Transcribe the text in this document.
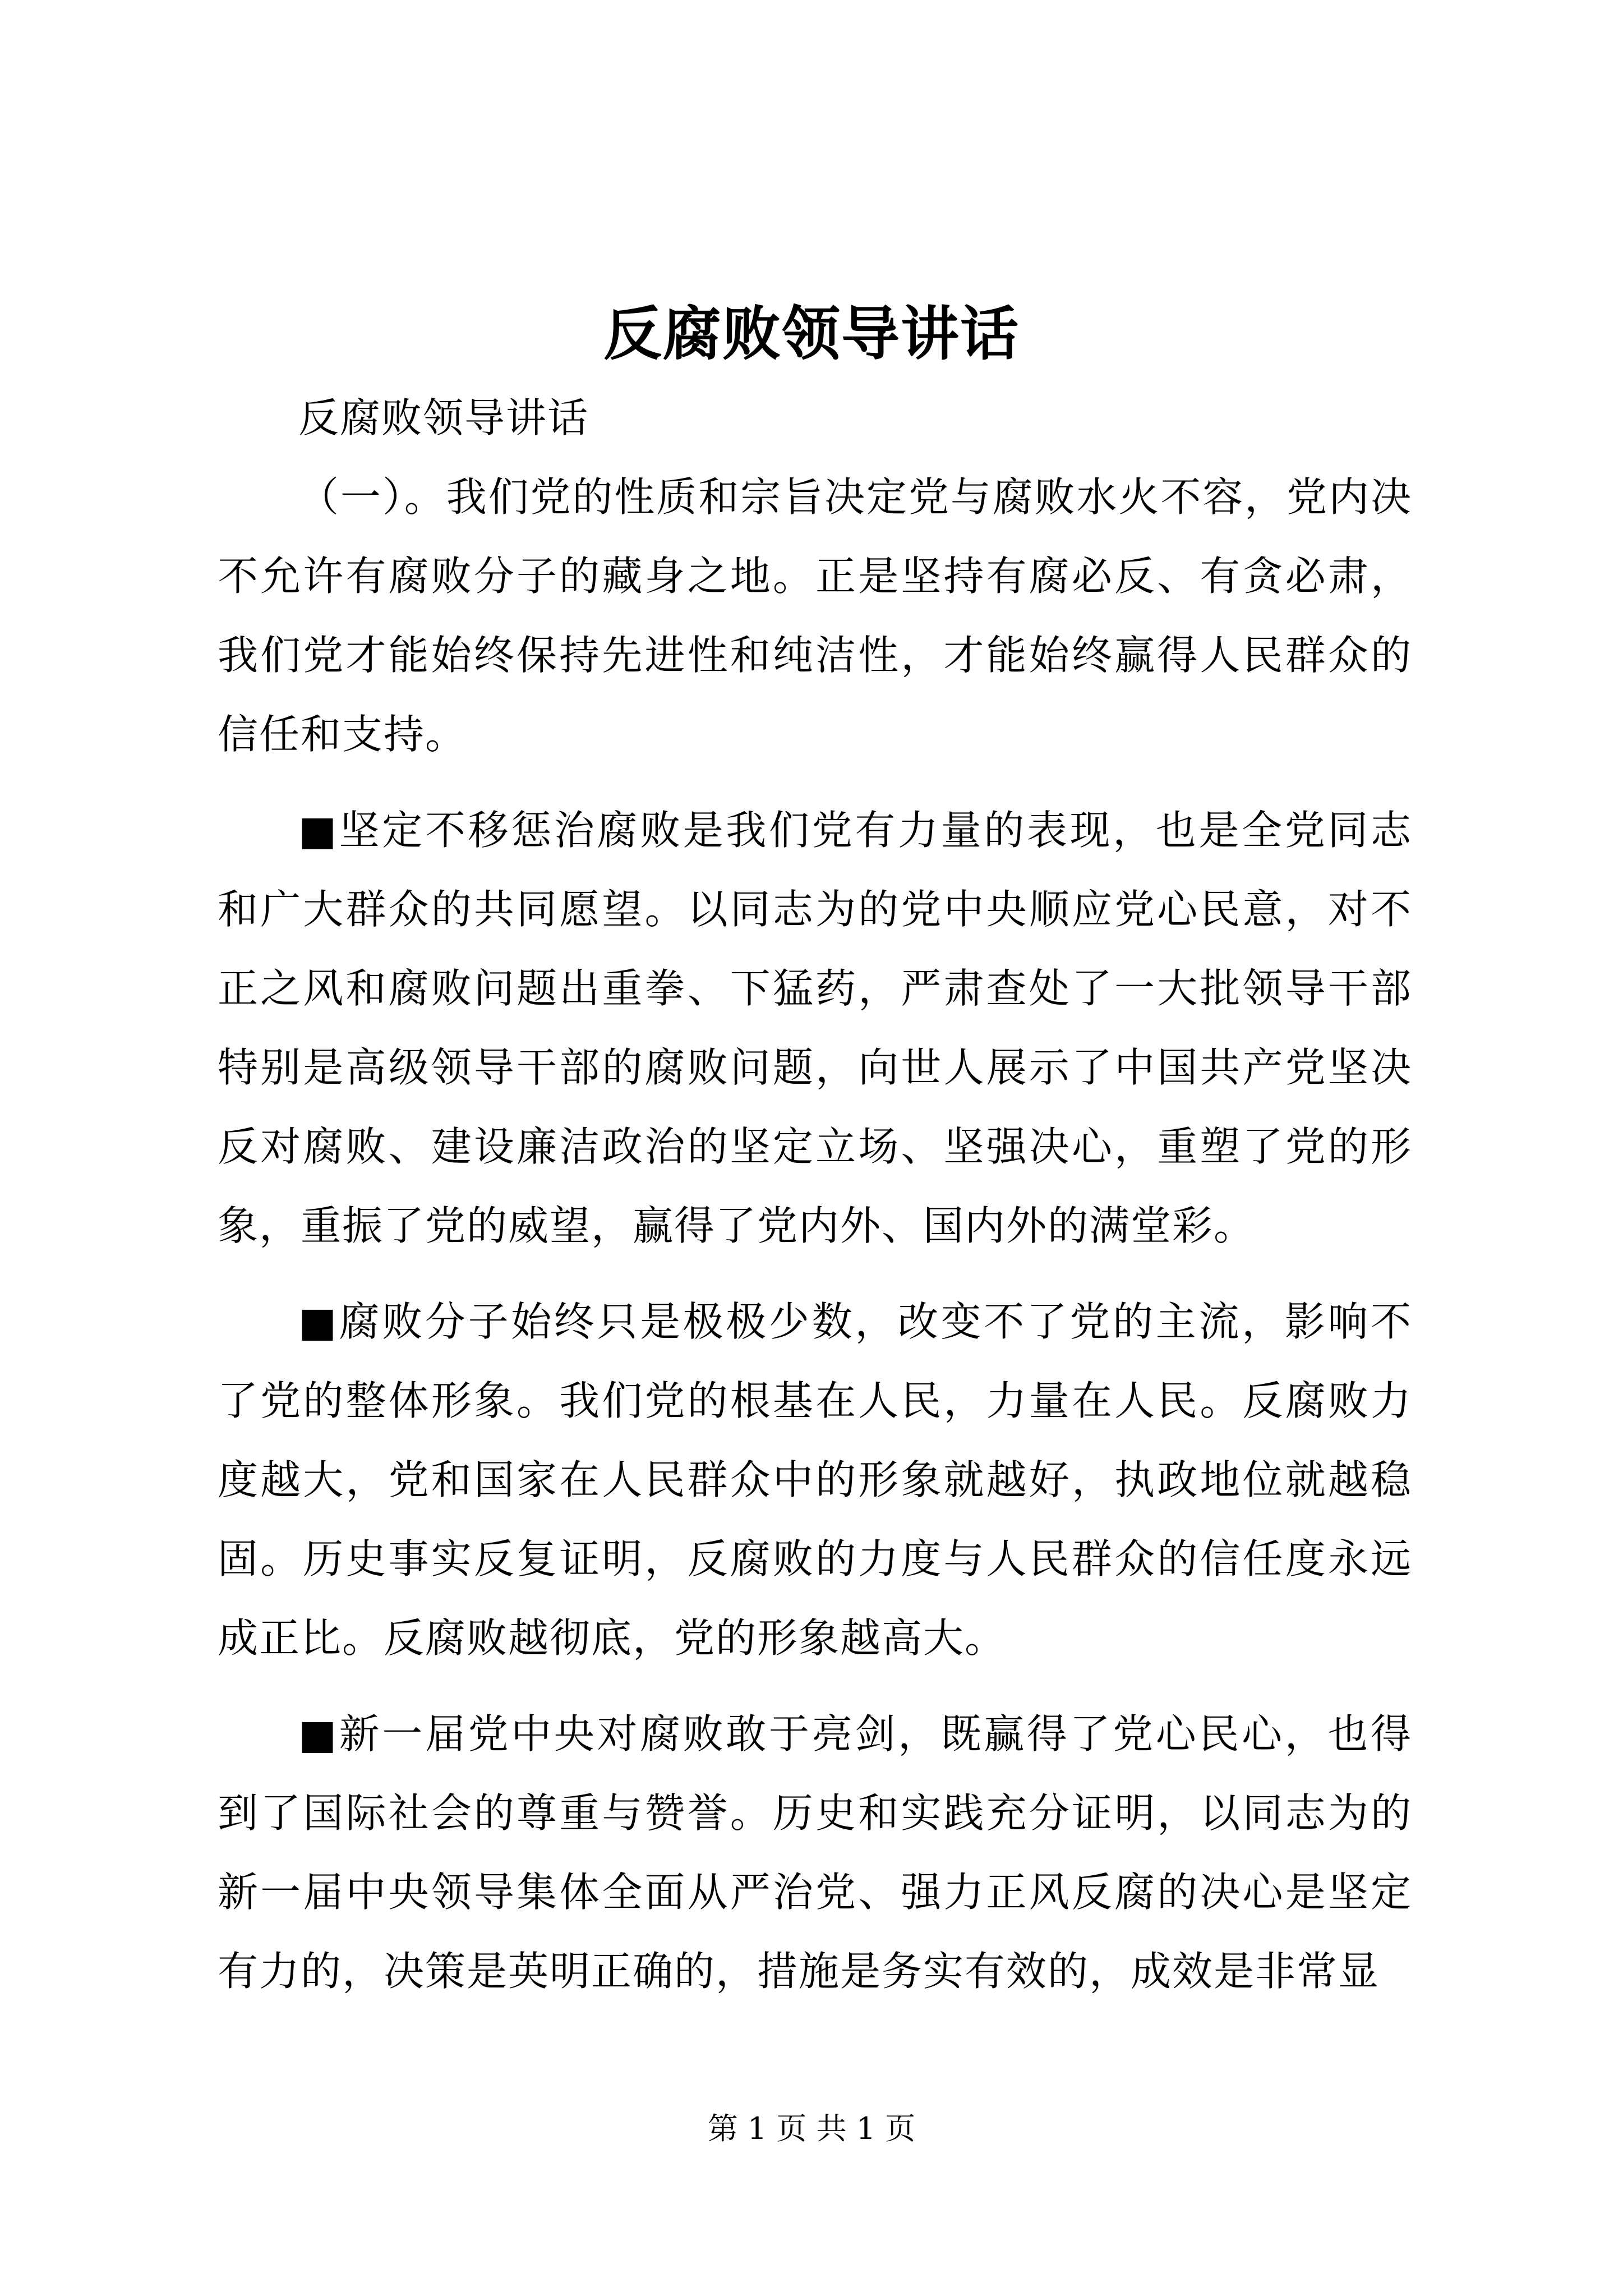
反腐败领导讲话

反腐败领导讲话

（一）。我们党的性质和宗旨决定党与腐败水火不容，党内决不允许有腐败分子的藏身之地。正是坚持有腐必反、有贪必肃，我们党才能始终保持先进性和纯洁性，才能始终赢得人民群众的信任和支持。

■坚定不移惩治腐败是我们党有力量的表现，也是全党同志和广大群众的共同愿望。以同志为的党中央顺应党心民意，对不正之风和腐败问题出重拳、下猛药，严肃查处了一大批领导干部特别是高级领导干部的腐败问题，向世人展示了中国共产党坚决反对腐败、建设廉洁政治的坚定立场、坚强决心，重塑了党的形象，重振了党的威望，赢得了党内外、国内外的满堂彩。

■腐败分子始终只是极极少数，改变不了党的主流，影响不了党的整体形象。我们党的根基在人民，力量在人民。反腐败力度越大，党和国家在人民群众中的形象就越好，执政地位就越稳固。历史事实反复证明，反腐败的力度与人民群众的信任度永远成正比。反腐败越彻底，党的形象越高大。

■新一届党中央对腐败敢于亮剑，既赢得了党心民心，也得到了国际社会的尊重与赞誉。历史和实践充分证明，以同志为的新一届中央领导集体全面从严治党、强力正风反腐的决心是坚定有力的，决策是英明正确的，措施是务实有效的，成效是非常显

第 1 页 共 1 页
